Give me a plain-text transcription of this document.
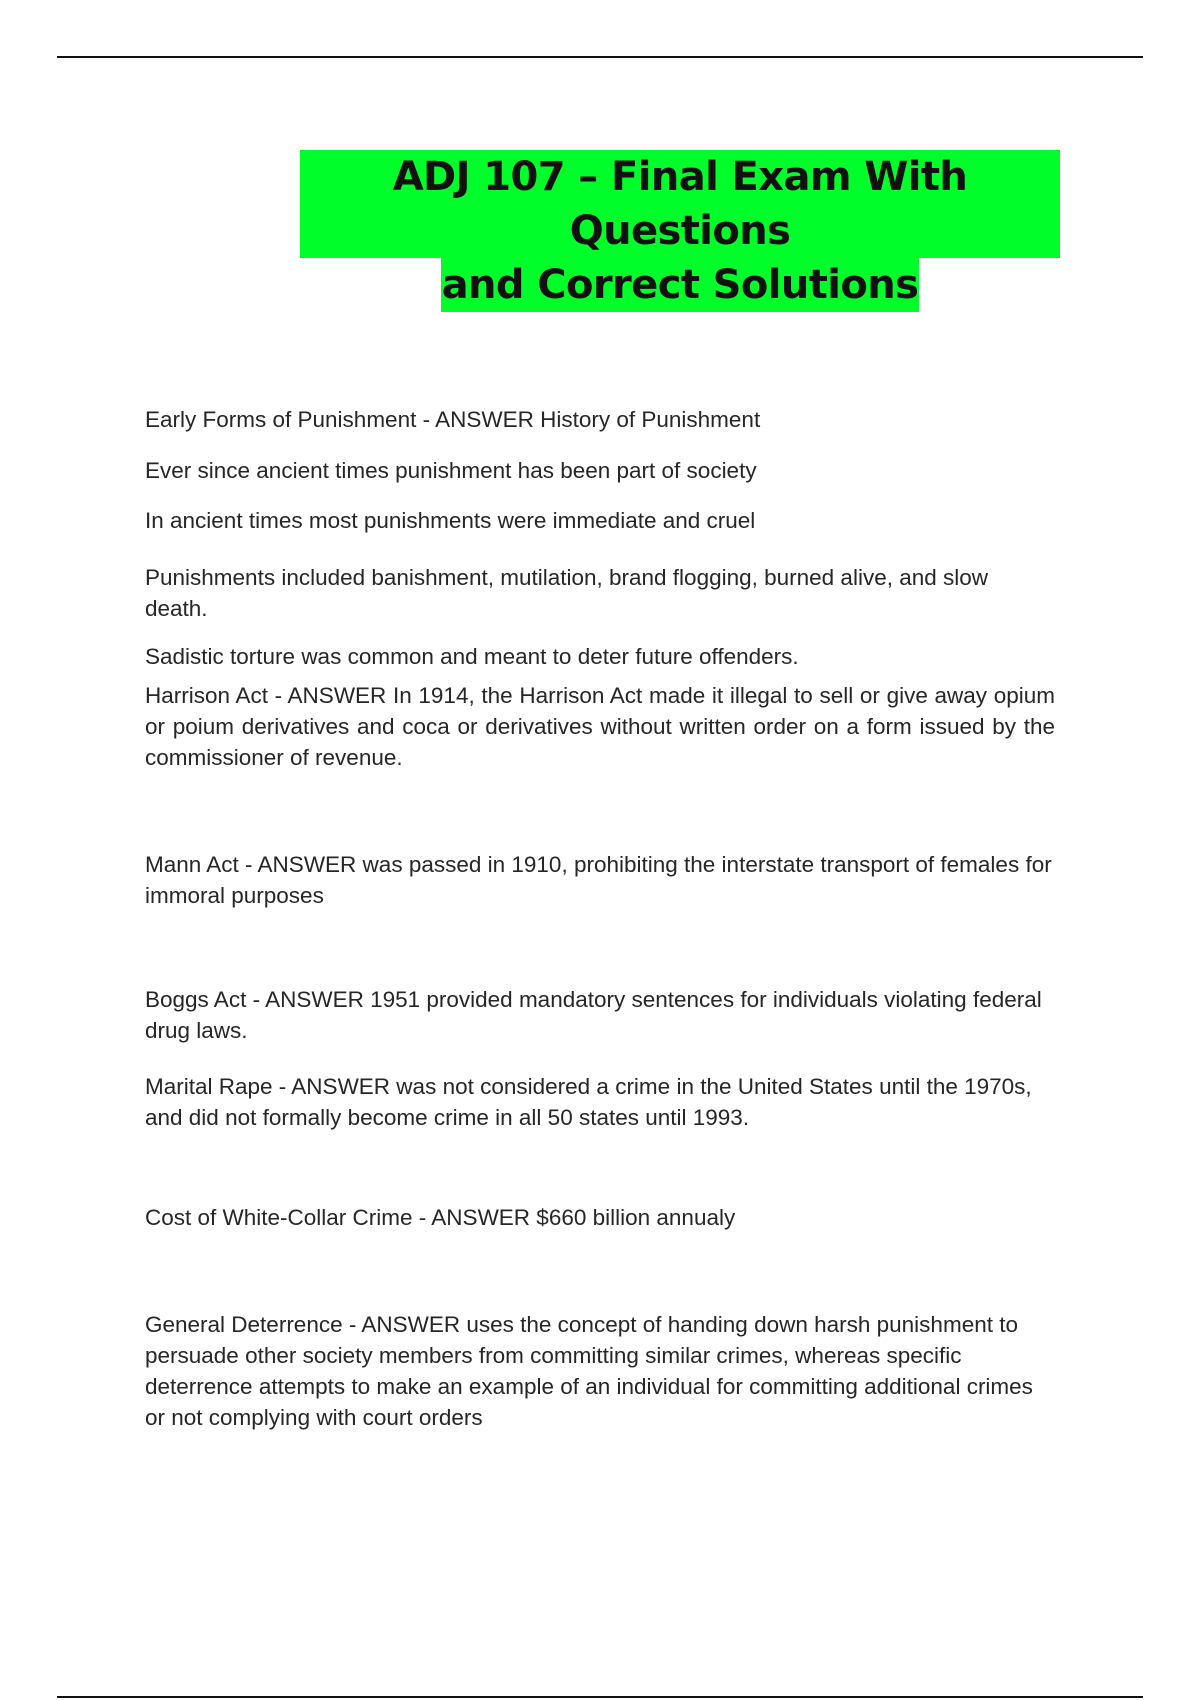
ADJ 107 – Final Exam With Questions
and Correct Solutions

Early Forms of Punishment - ANSWER History of Punishment

Ever since ancient times punishment has been part of society

In ancient times most punishments were immediate and cruel

Punishments included banishment, mutilation, brand flogging, burned alive, and slow death.

Sadistic torture was common and meant to deter future offenders.

Harrison Act - ANSWER In 1914, the Harrison Act made it illegal to sell or give away opium or poium derivatives and coca or derivatives without written order on a form issued by the commissioner of revenue.

Mann Act - ANSWER was passed in 1910, prohibiting the interstate transport of females for immoral purposes

Boggs Act - ANSWER 1951 provided mandatory sentences for individuals violating federal drug laws.

Marital Rape - ANSWER was not considered a crime in the United States until the 1970s, and did not formally become crime in all 50 states until 1993.

Cost of White-Collar Crime - ANSWER $660 billion annualy

General Deterrence - ANSWER uses the concept of handing down harsh punishment to persuade other society members from committing similar crimes, whereas specific deterrence attempts to make an example of an individual for committing additional crimes or not complying with court orders
